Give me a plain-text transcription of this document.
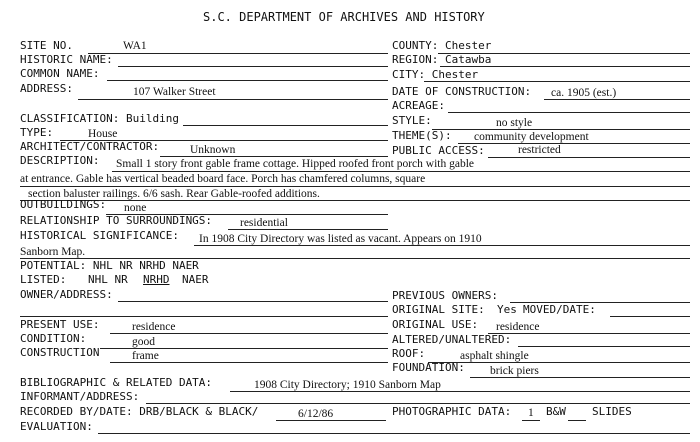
S.C. DEPARTMENT OF ARCHIVES AND HISTORY
SITE NO.	WA1
HISTORIC NAME:
COMMON NAME:
ADDRESS:	107 Walker Street
CLASSIFICATION: Building
TYPE:	House
ARCHITECT/CONTRACTOR:	Unknown
DESCRIPTION: Small 1 story front gable frame cottage. Hipped roofed front porch with gable
at entrance. Gable has vertical beaded board face. Porch has chamfered columns, square
section baluster railings. 6/6 sash. Rear Gable-roofed additions.
OUTBUILDINGS: none
RELATIONSHIP TO SURROUNDINGS: residential
HISTORICAL SIGNIFICANCE: In 1908 City Directory was listed as vacant. Appears on 1910
Sanborn Map.
POTENTIAL: NHL NR NRHD NAER
LISTED: NHL NR NRHD NAER
OWNER/ADDRESS:
PRESENT USE:	residence
CONDITION:	good
CONSTRUCTION	frame
COUNTY: Chester
REGION: Catawba
CITY: Chester
DATE OF CONSTRUCTION: ca. 1905 (est.)
ACREAGE:
STYLE:	no style
THEME(S): community development
PUBLIC ACCESS:	restricted
PREVIOUS OWNERS:
ORIGINAL SITE: Yes MOVED/DATE:
ORIGINAL USE: residence
ALTERED/UNALTERED:
ROOF:	asphalt shingle
FOUNDATION: brick piers
BIBLIOGRAPHIC & RELATED DATA:	1908 City Directory; 1910 Sanborn Map
INFORMANT/ADDRESS:
RECORDED BY/DATE: DRB/BLACK & BLACK/	6/12/86	PHOTOGRAPHIC DATA: 1 B&W SLIDES
EVALUATION:
